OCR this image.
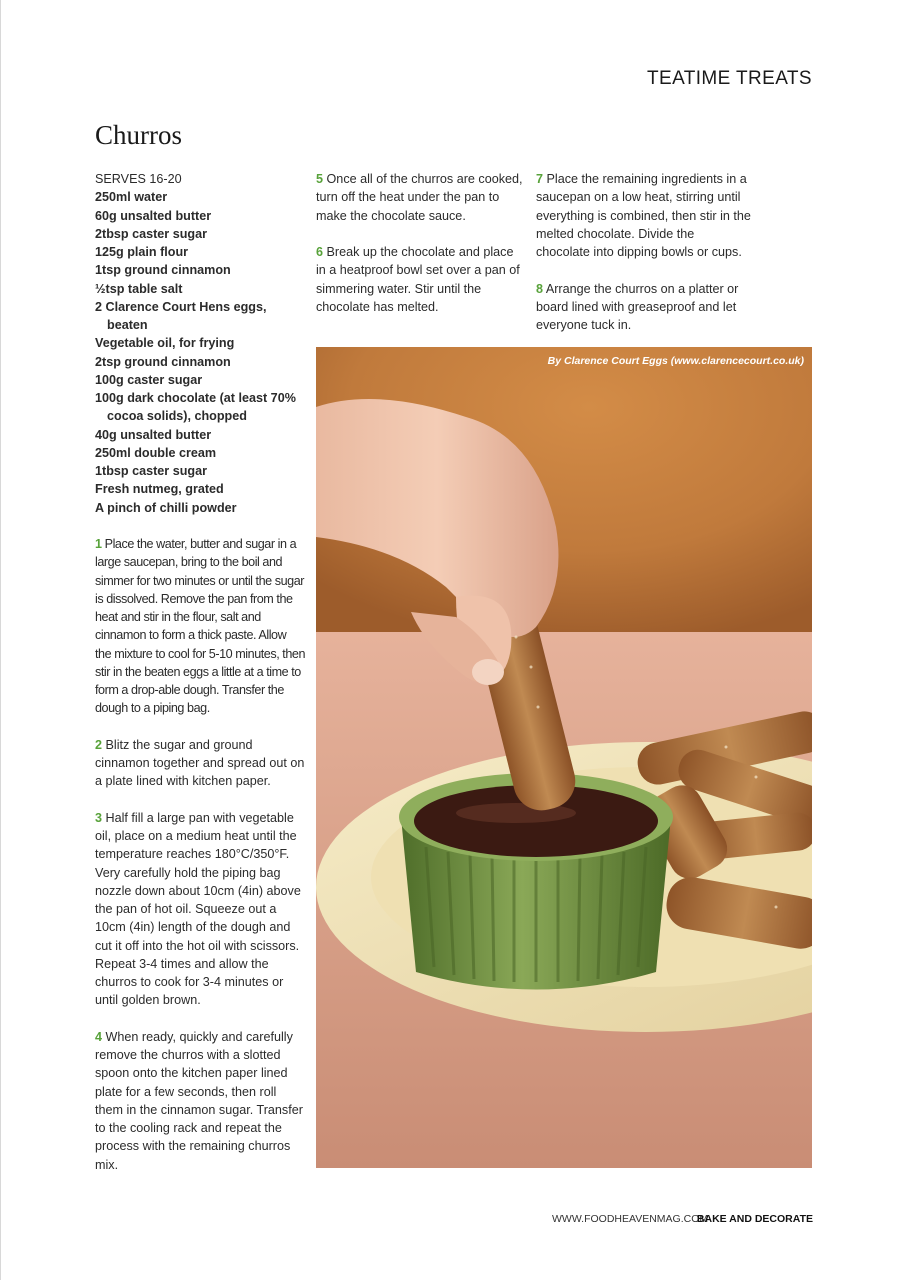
TEATIME TREATS
Churros
SERVES 16-20
250ml water
60g unsalted butter
2tbsp caster sugar
125g plain flour
1tsp ground cinnamon
½tsp table salt
2 Clarence Court Hens eggs, beaten
Vegetable oil, for frying
2tsp ground cinnamon
100g caster sugar
100g dark chocolate (at least 70% cocoa solids), chopped
40g unsalted butter
250ml double cream
1tbsp caster sugar
Fresh nutmeg, grated
A pinch of chilli powder

1 Place the water, butter and sugar in a large saucepan, bring to the boil and simmer for two minutes or until the sugar is dissolved. Remove the pan from the heat and stir in the flour, salt and cinnamon to form a thick paste. Allow the mixture to cool for 5-10 minutes, then stir in the beaten eggs a little at a time to form a drop-able dough. Transfer the dough to a piping bag.

2 Blitz the sugar and ground cinnamon together and spread out on a plate lined with kitchen paper.

3 Half fill a large pan with vegetable oil, place on a medium heat until the temperature reaches 180°C/350°F. Very carefully hold the piping bag nozzle down about 10cm (4in) above the pan of hot oil. Squeeze out a 10cm (4in) length of the dough and cut it off into the hot oil with scissors. Repeat 3-4 times and allow the churros to cook for 3-4 minutes or until golden brown.

4 When ready, quickly and carefully remove the churros with a slotted spoon onto the kitchen paper lined plate for a few seconds, then roll them in the cinnamon sugar. Transfer to the cooling rack and repeat the process with the remaining churros mix.

5 Once all of the churros are cooked, turn off the heat under the pan to make the chocolate sauce.

6 Break up the chocolate and place in a heatproof bowl set over a pan of simmering water. Stir until the chocolate has melted.

7 Place the remaining ingredients in a saucepan on a low heat, stirring until everything is combined, then stir in the melted chocolate. Divide the chocolate into dipping bowls or cups.

8 Arrange the churros on a platter or board lined with greaseproof and let everyone tuck in.

By Clarence Court Eggs (www.clarencecourt.co.uk)
WWW.FOODHEAVENMAG.COM
BAKE AND DECORATE
